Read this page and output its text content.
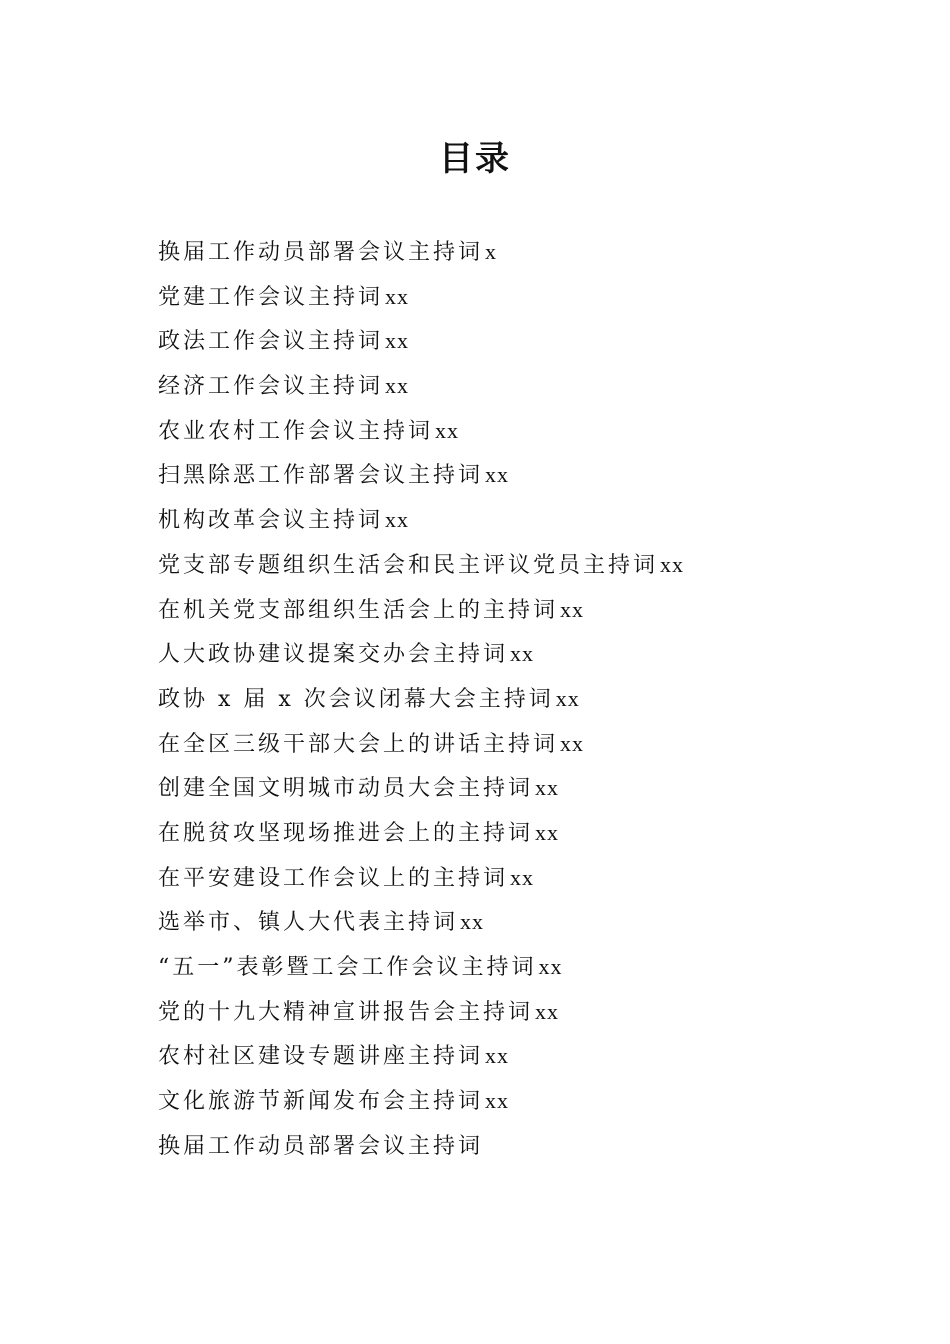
目录
换届工作动员部署会议主持词x
党建工作会议主持词xx
政法工作会议主持词xx
经济工作会议主持词xx
农业农村工作会议主持词xx
扫黑除恶工作部署会议主持词xx
机构改革会议主持词xx
党支部专题组织生活会和民主评议党员主持词xx
在机关党支部组织生活会上的主持词xx
人大政协建议提案交办会主持词xx
政协 x 届 x 次会议闭幕大会主持词xx
在全区三级干部大会上的讲话主持词xx
创建全国文明城市动员大会主持词xx
在脱贫攻坚现场推进会上的主持词xx
在平安建设工作会议上的主持词xx
选举市、镇人大代表主持词xx
“五一”表彰暨工会工作会议主持词xx
党的十九大精神宣讲报告会主持词xx
农村社区建设专题讲座主持词xx
文化旅游节新闻发布会主持词xx
换届工作动员部署会议主持词
